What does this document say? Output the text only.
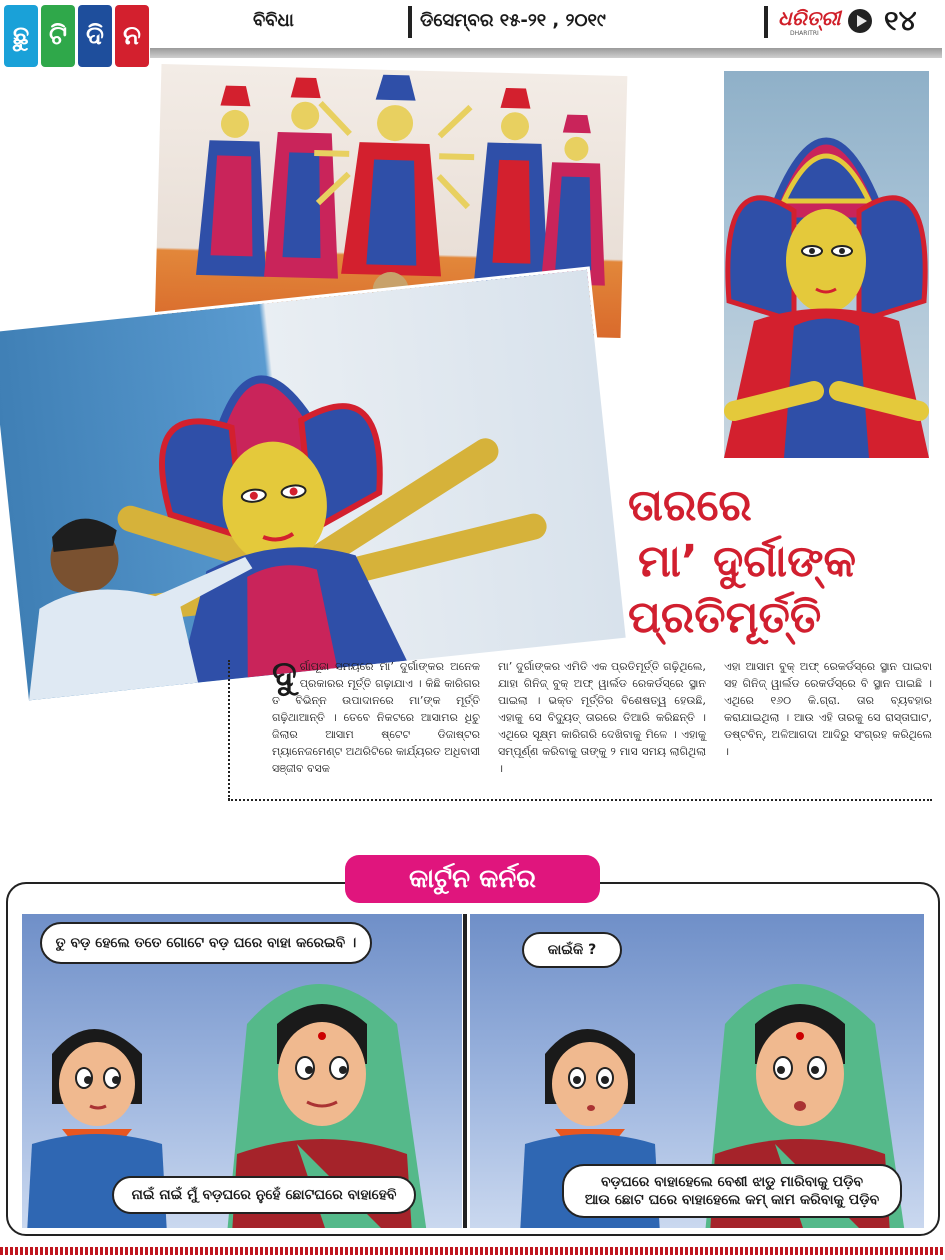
ଛୁ ଟି ଦି ନ	ବିବିଧା	ଡିସେମ୍ବର ୧୫-୨୧ , ୨୦୧୯	ଧରିତ୍ରୀ
DHARITRI ୧୪
ତାରରେ
ମା’ ଦୁର୍ଗାଙ୍କ
ପ୍ରତିମୂର୍ତ୍ତି
ଦୁ ର୍ଗାପୂଜା ସମୟରେ ମା’ ଦୁର୍ଗାଙ୍କର ଅନେକ ପ୍ରକାରର ମୂର୍ତ୍ତି ଗଢ଼ାଯାଏ । କିଛି କାରିଗର ତ ବିଭିନ୍ନ ଉପାଦାନରେ ମା’ଙ୍କ ମୂର୍ତ୍ତି ଗଢ଼ିଥାଆନ୍ତି । ତେବେ ନିକଟରେ ଆସାମର ଧିଚୁ ଜିଲାର ଆସାମ ଷ୍ଟେଟ ଡିଜାଷ୍ଟର ମ୍ୟାନେଜମେଣ୍ଟ ଅଥରିଟିରେ କାର୍ଯ୍ୟରତ ଅଧିବାସୀ ସଞ୍ଜୀବ ବସକ
ମା’ ଦୁର୍ଗାଙ୍କର ଏମିତି ଏକ ପ୍ରତିମୂର୍ତ୍ତି ଗଢ଼ିଥିଲେ, ଯାହା ଗିନିଜ୍ ବୁକ୍ ଅଫ୍ ୱାର୍ଲଡ ରେକର୍ଡସ୍‌ରେ ସ୍ଥାନ ପାଇଲା । ଭକ୍ତ ମୂର୍ତ୍ତିର ବିଶେଷତ୍ୱ ହେଉଛି, ଏହାକୁ ସେ ବିଦ୍ୟୁତ୍ ତାରରେ ତିଆରି କରିଛନ୍ତି । ଏଥିରେ ସୂକ୍ଷ୍ମ କାରିଗରି ଦେଖିବାକୁ ମିଳେ । ଏହାକୁ ସମ୍ପୂର୍ଣ୍ଣ କରିବାକୁ ତାଙ୍କୁ ୨ ମାସ ସମୟ ଲାଗିଥିଲା ।
ଏହା ଆସାମ ବୁକ୍ ଅଫ୍ ରେକର୍ଡସ୍‌ରେ ସ୍ଥାନ ପାଇବା ସହ ଗିନିଜ୍ ୱାର୍ଲଡ ରେକର୍ଡସ୍‌ରେ ବି ସ୍ଥାନ ପାଇଛି । ଏଥିରେ ୧୬୦ କି.ଗ୍ରା. ତାର ବ୍ୟବହାର କରାଯାଇଥିଲା । ଆଉ ଏହି ତାରକୁ ସେ ରାସ୍ତାଘାଟ, ଡଷ୍ଟବିନ୍, ଅଳିଆଗଦା ଆଦିରୁ ସଂଗ୍ରହ କରିଥିଲେ ।
କାର୍ଟୁନ କର୍ନର
ତୁ ବଡ଼ ହେଲେ ତତେ ଗୋଟେ ବଡ଼ ଘରେ ବାହା କରେଇବି ।
ନାଇଁ ନାଇଁ ମୁଁ ବଡ଼ଘରେ ନୁହେଁ ଛୋଟଘରେ ବାହାହେବି
କାଇଁକି ?
ବଡ଼ଘରେ ବାହାହେଲେ ବେଶୀ ଝାଡୁ ମାରିବାକୁ ପଡ଼ିବ
ଆଉ ଛୋଟ ଘରେ ବାହାହେଲେ କମ୍ କାମ କରିବାକୁ ପଡ଼ିବ
